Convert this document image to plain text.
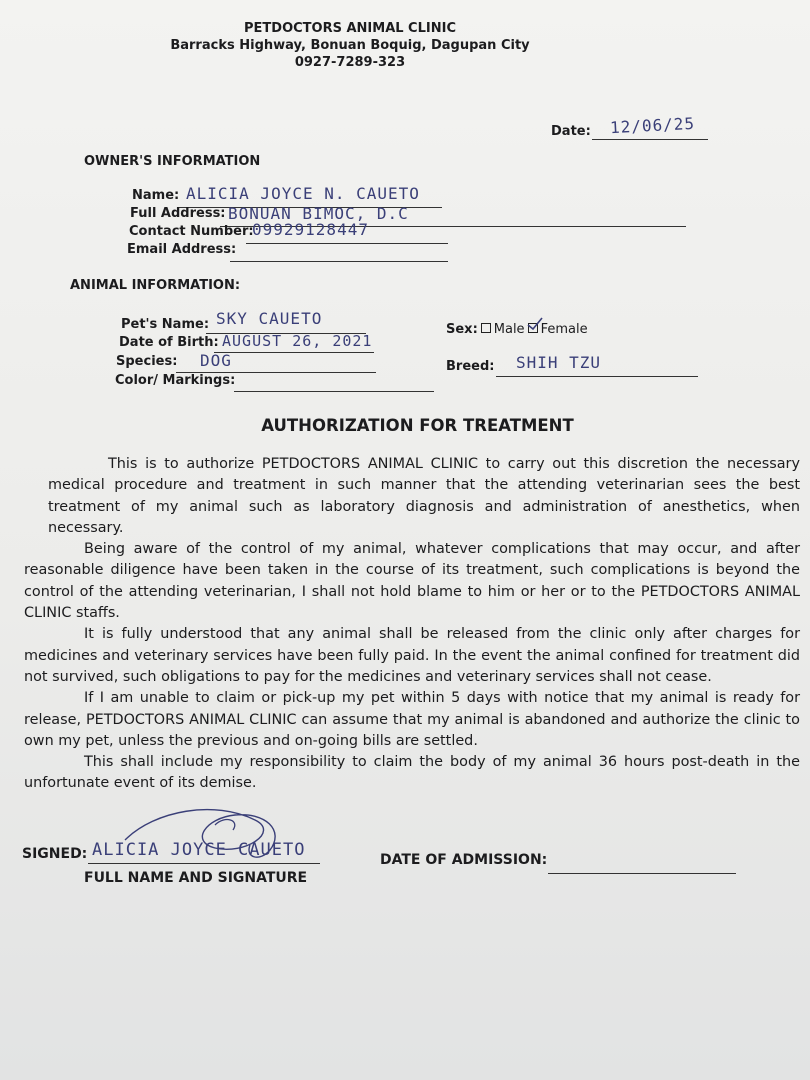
PETDOCTORS ANIMAL CLINIC
Barracks Highway, Bonuan Boquig, Dagupan City
0927-7289-323
Date: 12/06/25
OWNER'S INFORMATION
Name: ALICIA JOYCE N. CAUETO
Full Address: BONUAN BIMOC, D.C
Contact Number:
09929128447
Email Address:
ANIMAL INFORMATION:
Pet's Name: SKY CAUETO
Date of Birth: AUGUST 26, 2021
Species: DOG
Color/ Markings:
Sex: Male Female
Breed: SHIH TZU
AUTHORIZATION FOR TREATMENT
This is to authorize PETDOCTORS ANIMAL CLINIC to carry out this discretion the necessary medical procedure and treatment in such manner that the attending veterinarian sees the best treatment of my animal such as laboratory diagnosis and administration of anesthetics, when necessary.
Being aware of the control of my animal, whatever complications that may occur, and after reasonable diligence have been taken in the course of its treatment, such complications is beyond the control of the attending veterinarian, I shall not hold blame to him or her or to the PETDOCTORS ANIMAL CLINIC staffs.
It is fully understood that any animal shall be released from the clinic only after charges for medicines and veterinary services have been fully paid. In the event the animal confined for treatment did not survived, such obligations to pay for the medicines and veterinary services shall not cease.
If I am unable to claim or pick-up my pet within 5 days with notice that my animal is ready for release, PETDOCTORS ANIMAL CLINIC can assume that my animal is abandoned and authorize the clinic to own my pet, unless the previous and on-going bills are settled.
This shall include my responsibility to claim the body of my animal 36 hours post-death in the unfortunate event of its demise.
SIGNED: ALICIA JOYCE CAUETO
FULL NAME AND SIGNATURE
DATE OF ADMISSION:
